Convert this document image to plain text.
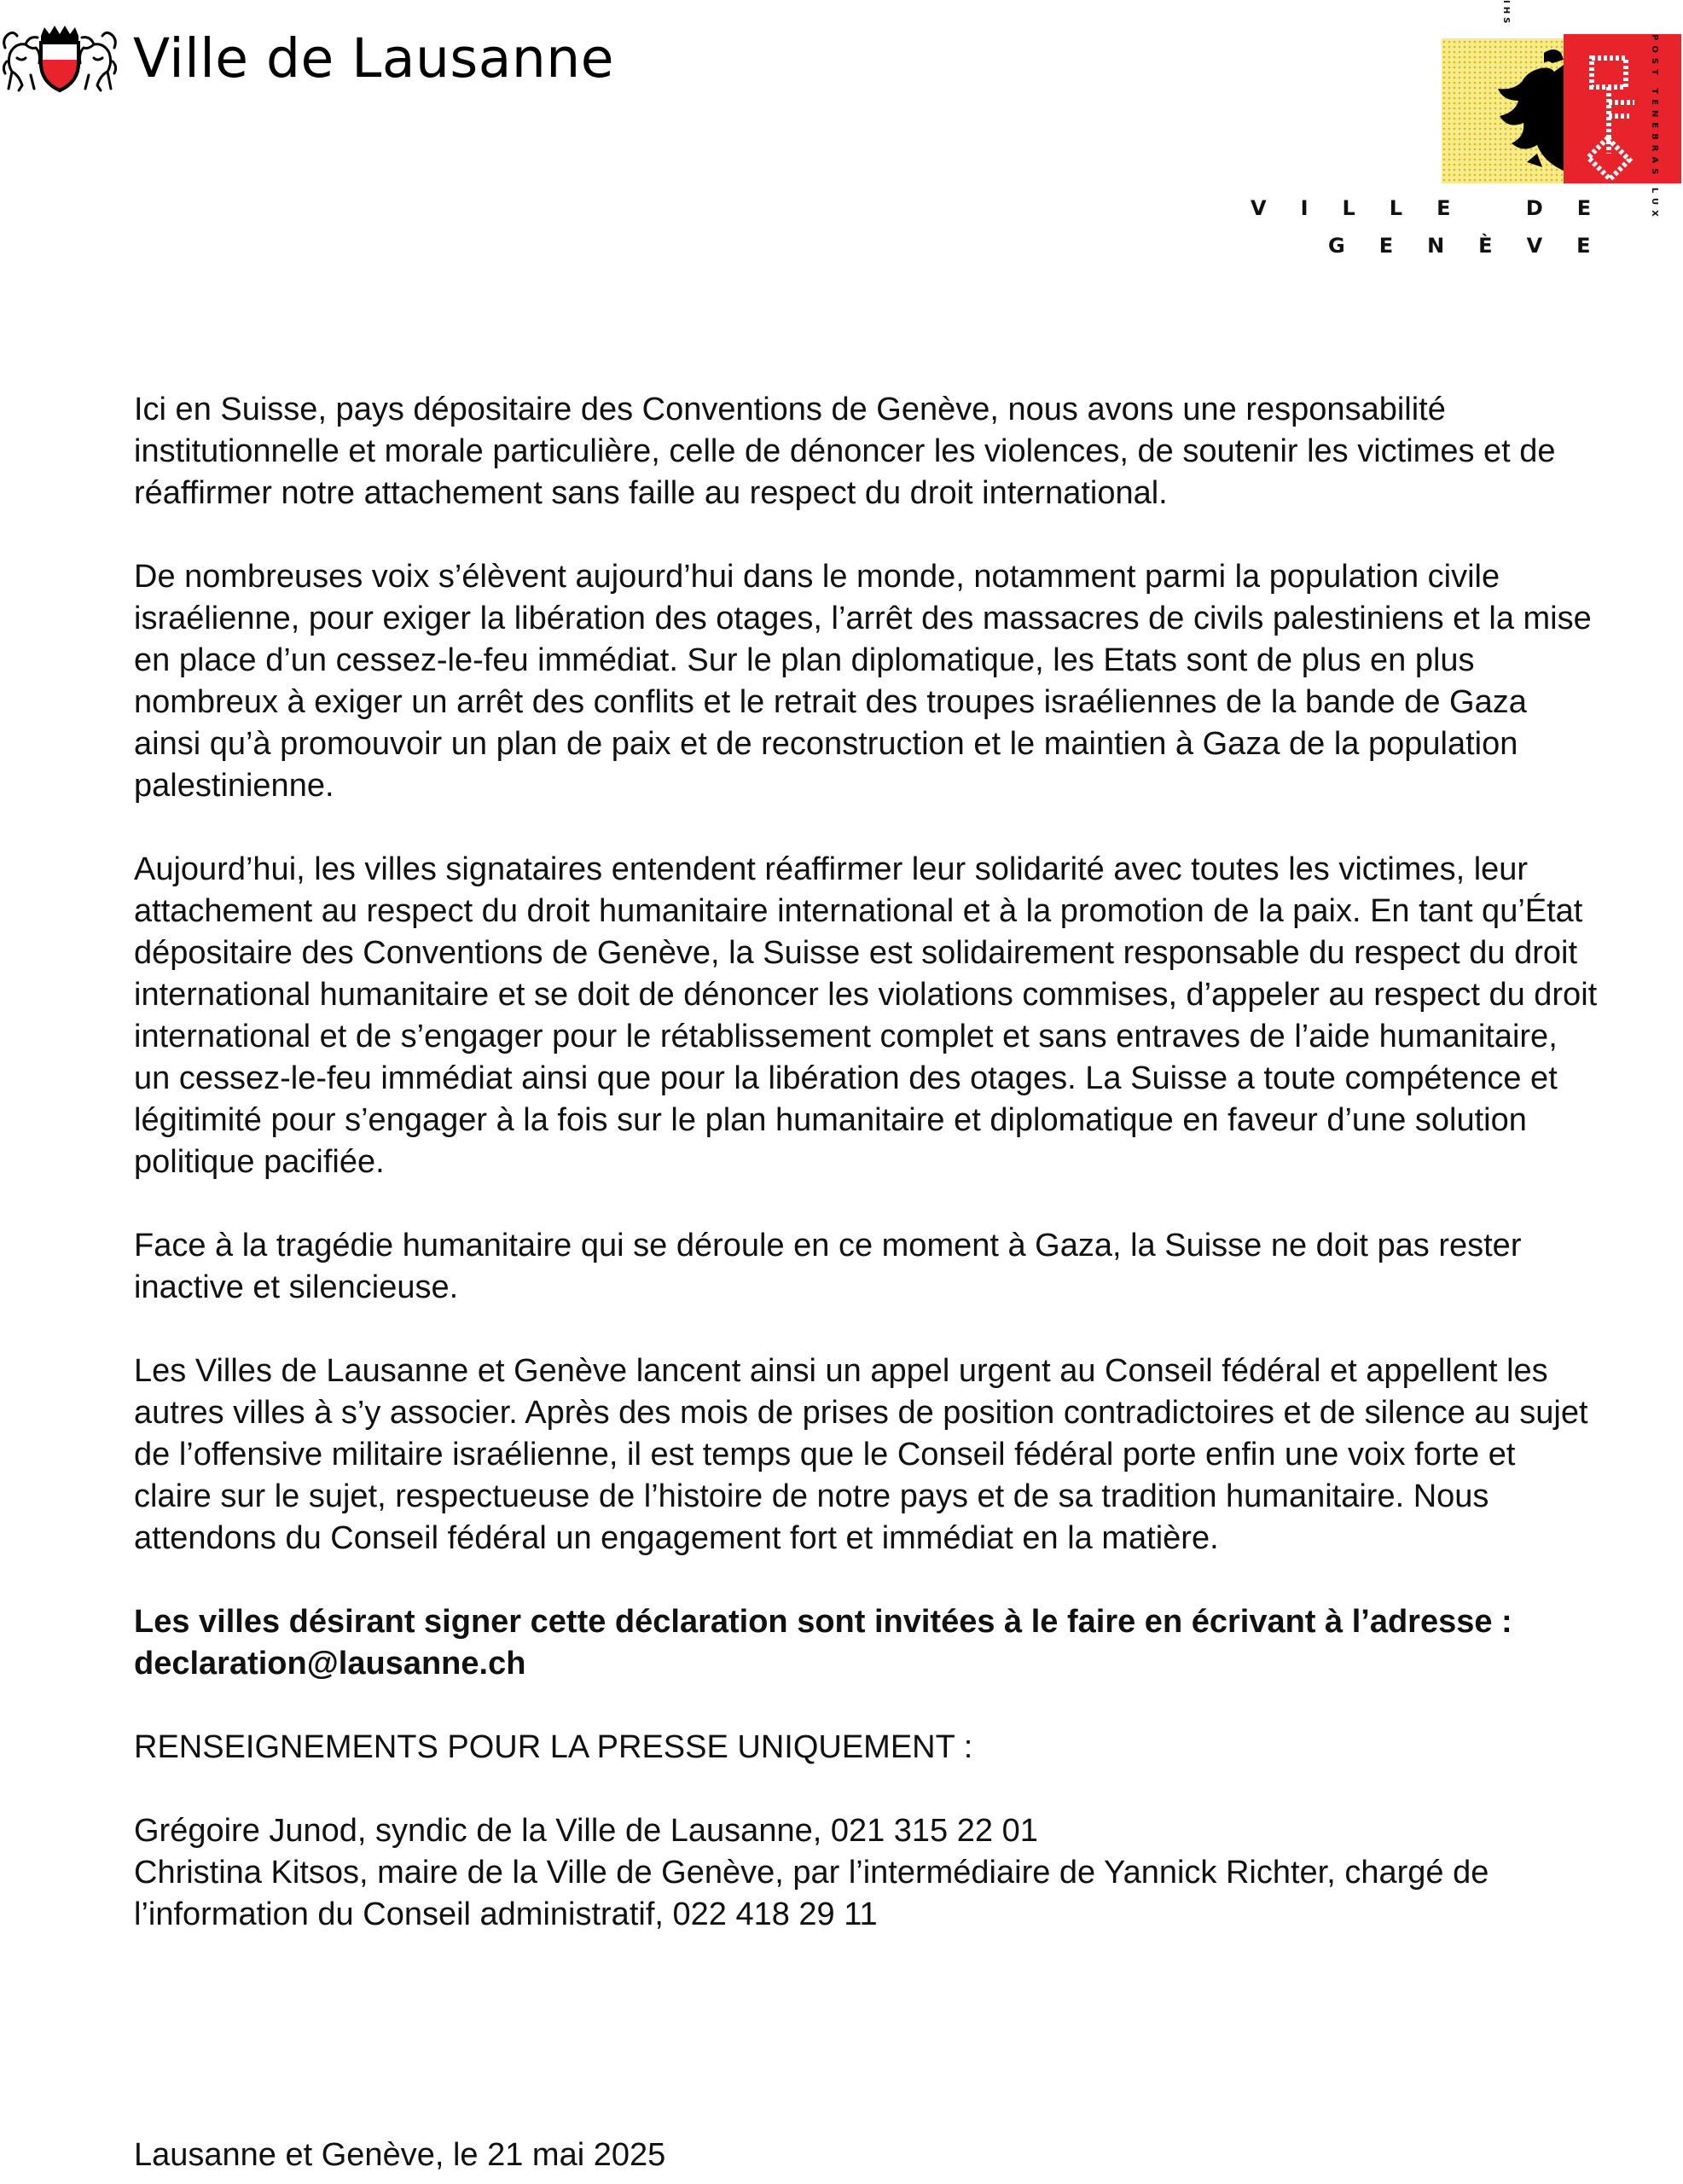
Ville de Lausanne
IHS
POST TENEBRAS LUX
VILLE DE
GENÈVE

Ici en Suisse, pays dépositaire des Conventions de Genève, nous avons une responsabilité institutionnelle et morale particulière, celle de dénoncer les violences, de soutenir les victimes et de réaffirmer notre attachement sans faille au respect du droit international.

De nombreuses voix s’élèvent aujourd’hui dans le monde, notamment parmi la population civile israélienne, pour exiger la libération des otages, l’arrêt des massacres de civils palestiniens et la mise en place d’un cessez-le-feu immédiat. Sur le plan diplomatique, les Etats sont de plus en plus nombreux à exiger un arrêt des conflits et le retrait des troupes israéliennes de la bande de Gaza ainsi qu’à promouvoir un plan de paix et de reconstruction et le maintien à Gaza de la population palestinienne.

Aujourd’hui, les villes signataires entendent réaffirmer leur solidarité avec toutes les victimes, leur attachement au respect du droit humanitaire international et à la promotion de la paix. En tant qu’État dépositaire des Conventions de Genève, la Suisse est solidairement responsable du respect du droit international humanitaire et se doit de dénoncer les violations commises, d’appeler au respect du droit international et de s’engager pour le rétablissement complet et sans entraves de l’aide humanitaire, un cessez-le-feu immédiat ainsi que pour la libération des otages. La Suisse a toute compétence et légitimité pour s’engager à la fois sur le plan humanitaire et diplomatique en faveur d’une solution politique pacifiée.

Face à la tragédie humanitaire qui se déroule en ce moment à Gaza, la Suisse ne doit pas rester inactive et silencieuse.

Les Villes de Lausanne et Genève lancent ainsi un appel urgent au Conseil fédéral et appellent les autres villes à s’y associer. Après des mois de prises de position contradictoires et de silence au sujet de l’offensive militaire israélienne, il est temps que le Conseil fédéral porte enfin une voix forte et claire sur le sujet, respectueuse de l’histoire de notre pays et de sa tradition humanitaire. Nous attendons du Conseil fédéral un engagement fort et immédiat en la matière.

Les villes désirant signer cette déclaration sont invitées à le faire en écrivant à l’adresse : declaration@lausanne.ch

RENSEIGNEMENTS POUR LA PRESSE UNIQUEMENT :

Grégoire Junod, syndic de la Ville de Lausanne, 021 315 22 01

Christina Kitsos, maire de la Ville de Genève, par l’intermédiaire de Yannick Richter, chargé de l’information du Conseil administratif, 022 418 29 11

Lausanne et Genève, le 21 mai 2025
